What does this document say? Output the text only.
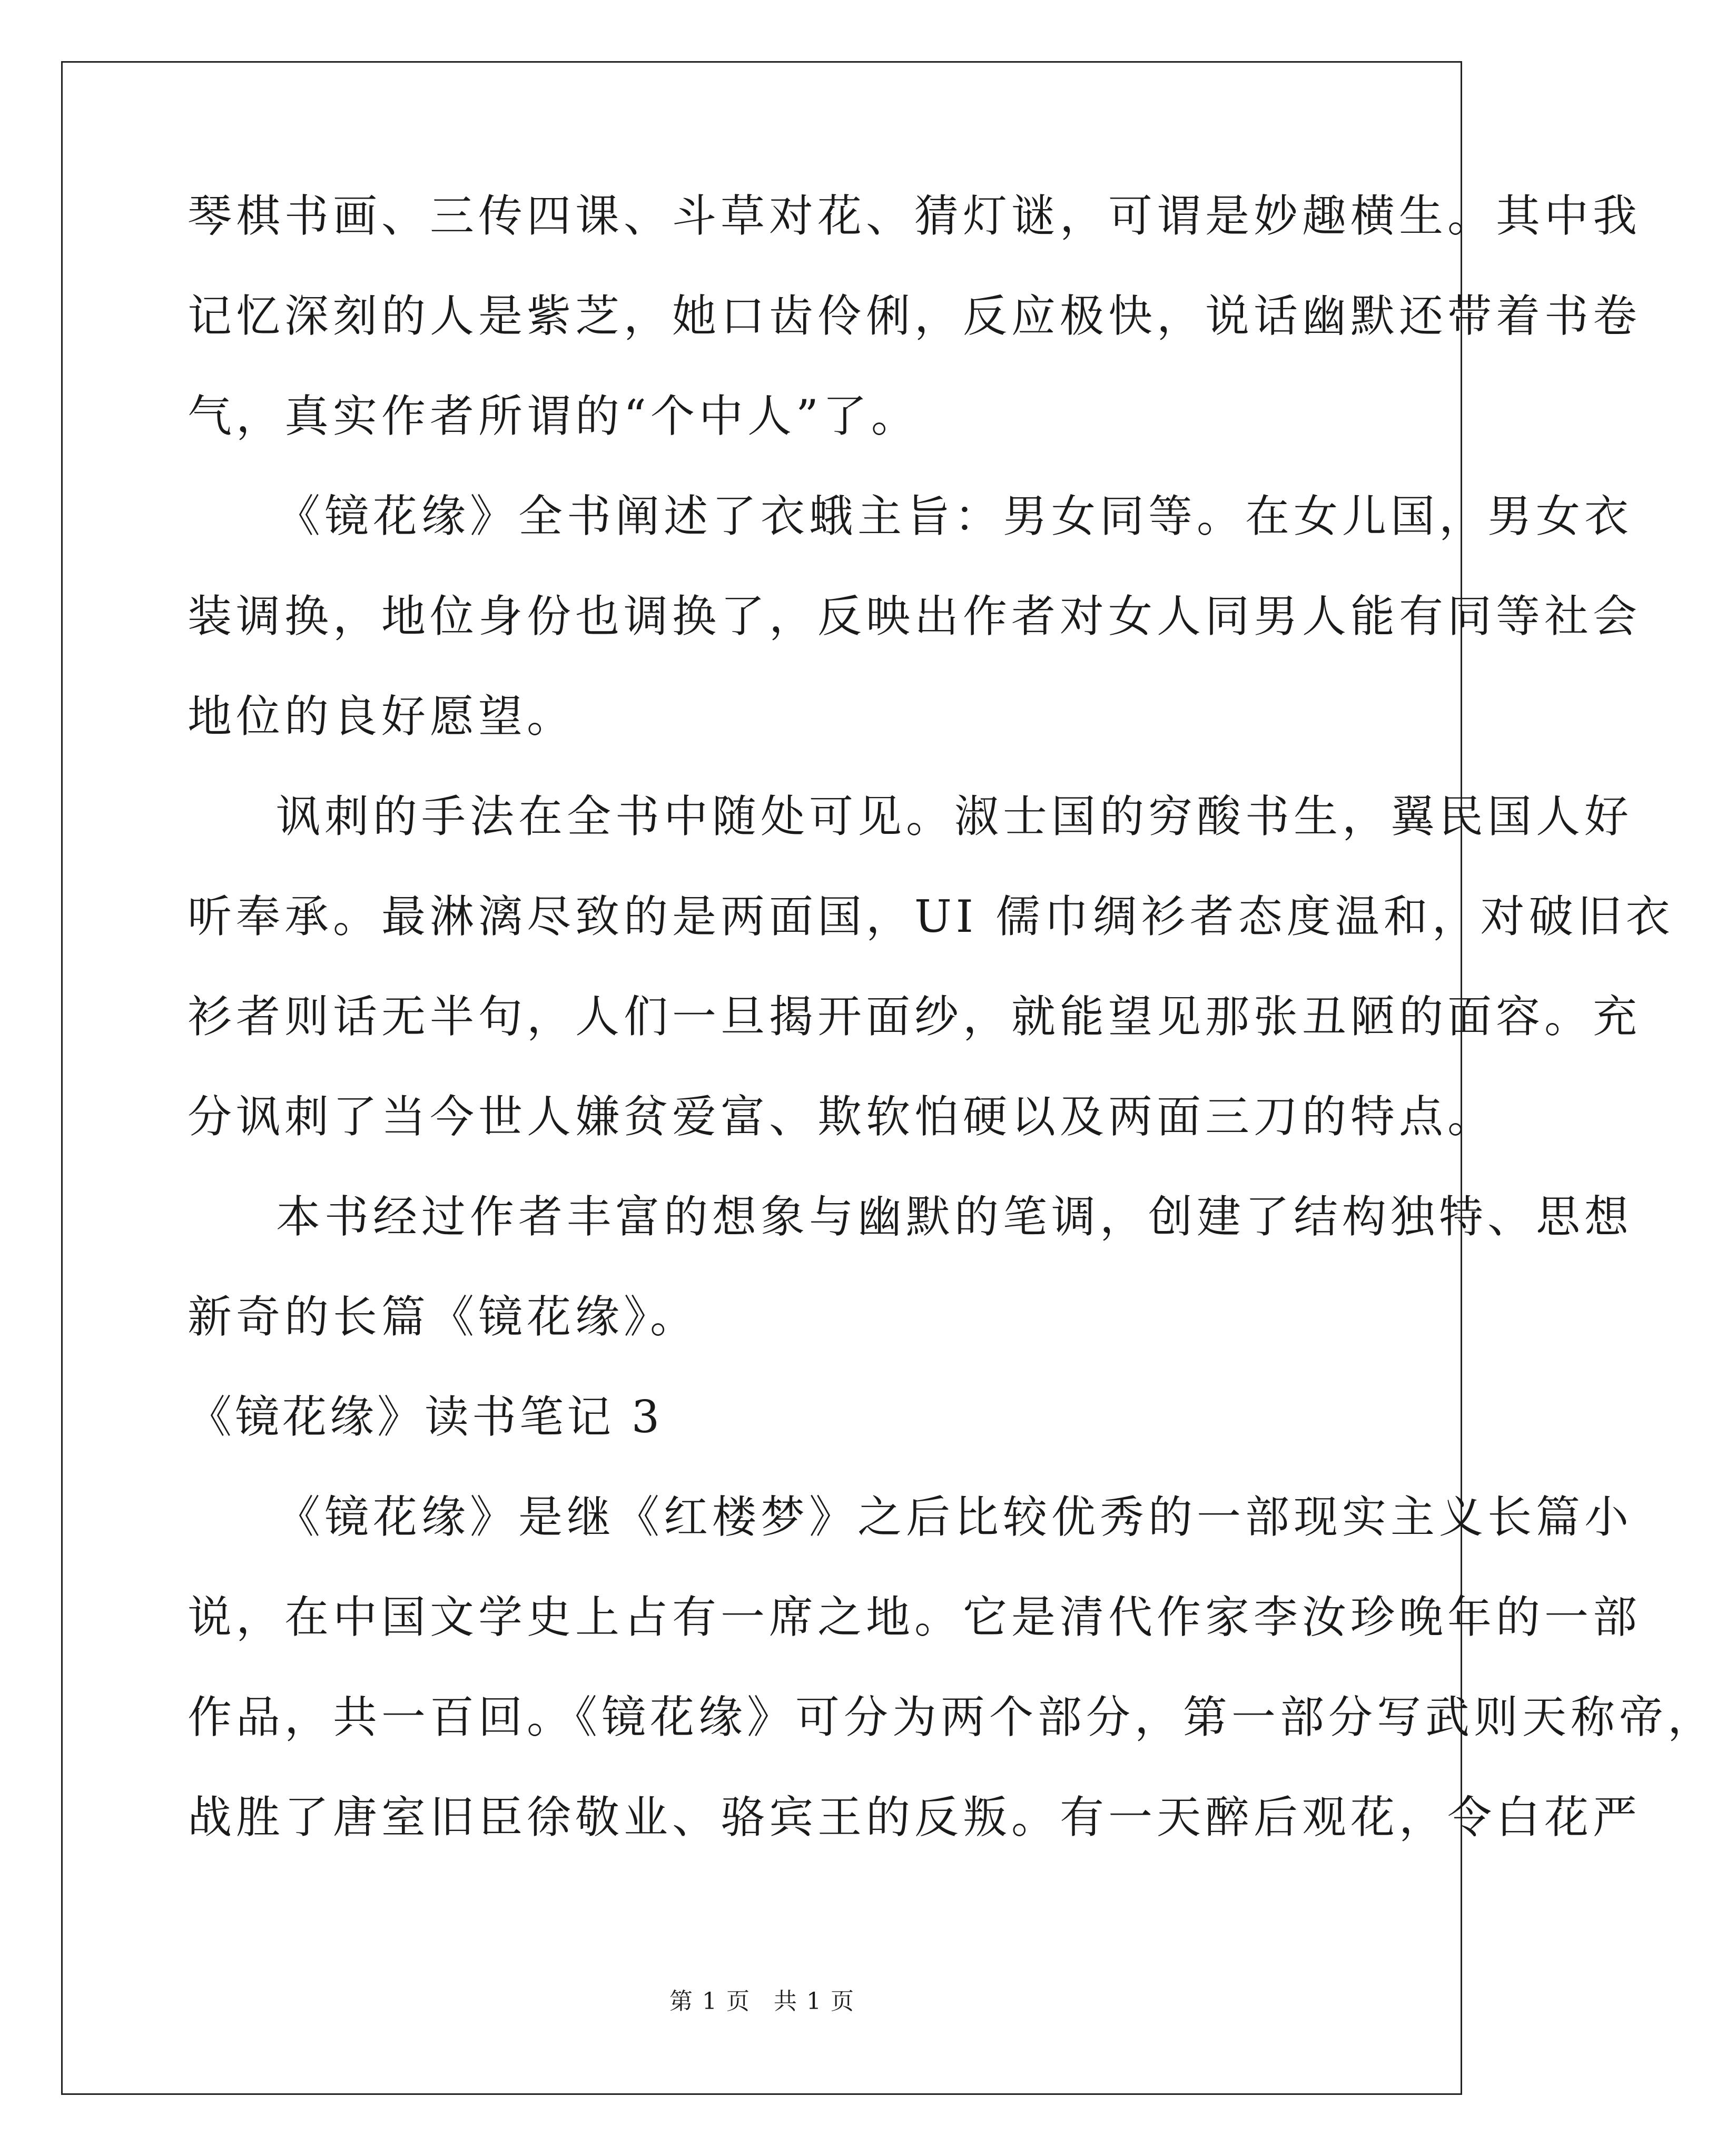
琴棋书画、三传四课、斗草对花、猜灯谜，可谓是妙趣横生。其中我
记忆深刻的人是紫芝，她口齿伶俐，反应极快，说话幽默还带着书卷
气，真实作者所谓的“个中人”了。
《镜花缘》全书阐述了衣蛾主旨：男女同等。在女儿国，男女衣
装调换，地位身份也调换了，反映出作者对女人同男人能有同等社会
地位的良好愿望。
讽刺的手法在全书中随处可见。淑士国的穷酸书生，翼民国人好
听奉承。最淋漓尽致的是两面国，UI 儒巾绸衫者态度温和，对破旧衣
衫者则话无半句，人们一旦揭开面纱，就能望见那张丑陋的面容。充
分讽刺了当今世人嫌贫爱富、欺软怕硬以及两面三刀的特点。
本书经过作者丰富的想象与幽默的笔调，创建了结构独特、思想
新奇的长篇《镜花缘》。
《镜花缘》读书笔记 3
《镜花缘》是继《红楼梦》之后比较优秀的一部现实主义长篇小
说，在中国文学史上占有一席之地。它是清代作家李汝珍晚年的一部
作品，共一百回。《镜花缘》可分为两个部分，第一部分写武则天称帝，
战胜了唐室旧臣徐敬业、骆宾王的反叛。有一天醉后观花，令白花严
第 1 页 共 1 页
